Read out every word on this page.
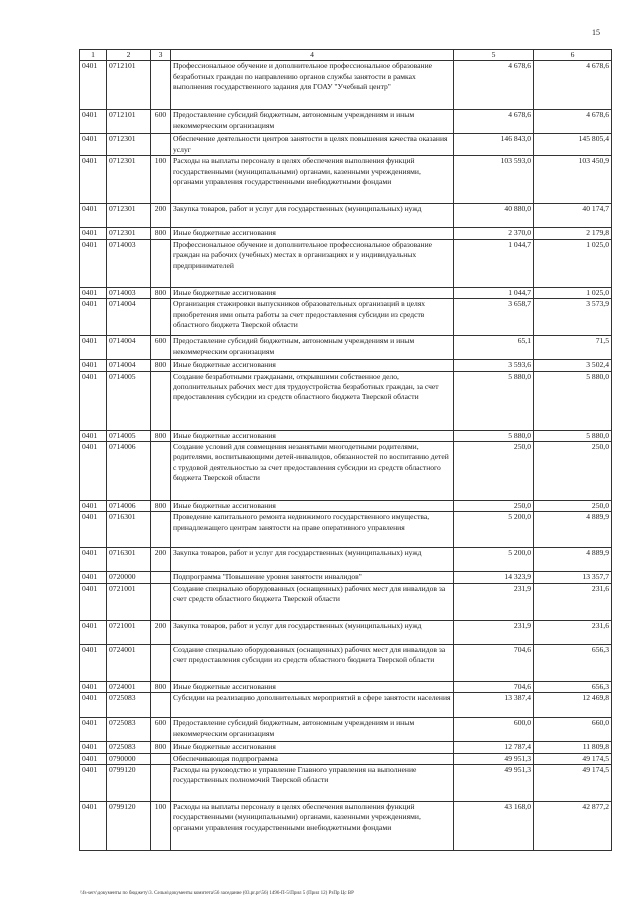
15
1	2	3	4	5	6
0401	0712101		Профессиональное обучение и дополнительное профессиональное образование безработных граждан по направлению органов службы занятости в рамках выполнения государственного задания для ГОАУ "Учебный центр"	4 678,6	4 678,6
0401	0712101	600	Предоставление субсидий бюджетным, автономным учреждениям и иным некоммерческим организациям	4 678,6	4 678,6
0401	0712301		Обеспечение деятельности центров занятости в целях повышения качества оказания услуг	146 843,0	145 805,4
0401	0712301	100	Расходы на выплаты персоналу в целях обеспечения выполнения функций государственными (муниципальными) органами, казенными учреждениями, органами управления государственными внебюджетными фондами	103 593,0	103 450,9
0401	0712301	200	Закупка товаров, работ и услуг для государственных (муниципальных) нужд	40 880,0	40 174,7
0401	0712301	800	Иные бюджетные ассигнования	2 370,0	2 179,8
0401	0714003		Профессиональное обучение и дополнительное профессиональное образование граждан на рабочих (учебных) местах в организациях и у индивидуальных предпринимателей	1 044,7	1 025,0
0401	0714003	800	Иные бюджетные ассигнования	1 044,7	1 025,0
0401	0714004		Организация стажировки выпускников образовательных организаций в целях приобретения ими опыта работы за счет предоставления субсидии из средств областного бюджета Тверской области	3 658,7	3 573,9
0401	0714004	600	Предоставление субсидий бюджетным, автономным учреждениям и иным некоммерческим организациям	65,1	71,5
0401	0714004	800	Иные бюджетные ассигнования	3 593,6	3 502,4
0401	0714005		Создание безработными гражданами, открывшими собственное дело, дополнительных рабочих мест для трудоустройства безработных граждан, за счет предоставления субсидии из средств областного бюджета Тверской области	5 880,0	5 880,0
0401	0714005	800	Иные бюджетные ассигнования	5 880,0	5 880,0
0401	0714006		Создание условий для совмещения незанятыми многодетными родителями, родителями, воспитывающими детей-инвалидов, обязанностей по воспитанию детей с трудовой деятельностью за счет предоставления субсидии из средств областного бюджета Тверской области	250,0	250,0
0401	0714006	800	Иные бюджетные ассигнования	250,0	250,0
0401	0716301		Проведение капитального ремонта недвижимого государственного имущества, принадлежащего центрам занятости на праве оперативного управления	5 200,0	4 889,9
0401	0716301	200	Закупка товаров, работ и услуг для государственных (муниципальных) нужд	5 200,0	4 889,9
0401	0720000		Подпрограмма "Повышение уровня занятости инвалидов"	14 323,9	13 357,7
0401	0721001		Создание специально оборудованных (оснащенных) рабочих мест для инвалидов за счет средств областного бюджета Тверской области	231,9	231,6
0401	0721001	200	Закупка товаров, работ и услуг для государственных (муниципальных) нужд	231,9	231,6
0401	0724001		Создание специально оборудованных (оснащенных) рабочих мест для инвалидов за счет предоставления субсидии из средств областного бюджета Тверской области	704,6	656,3
0401	0724001	800	Иные бюджетные ассигнования	704,6	656,3
0401	0725083		Субсидии на реализацию дополнительных мероприятий в сфере занятости населения	13 387,4	12 469,8
0401	0725083	600	Предоставление субсидий бюджетным, автономным учреждениям и иным некоммерческим организациям	600,0	660,0
0401	0725083	800	Иные бюджетные ассигнования	12 787,4	11 809,8
0401	0790000		Обеспечивающая подпрограмма	49 951,3	49 174,5
0401	0799120		Расходы на руководство и управление Главного управления на выполнение государственных полномочий Тверской области	49 951,3	49 174,5
0401	0799120	100	Расходы на выплаты персоналу в целях обеспечения выполнения функций государственными (муниципальными) органами, казенными учреждениями, органами управления государственными внебюджетными фондами	43 168,0	42 877,2
\\fs-serv\документы по бюджету\3. Сельм\документы комитета\56 заседание (03.pr.pr\56) 1496-П-5\Прил 5 (Прил 12) РзПр Цс ВР
